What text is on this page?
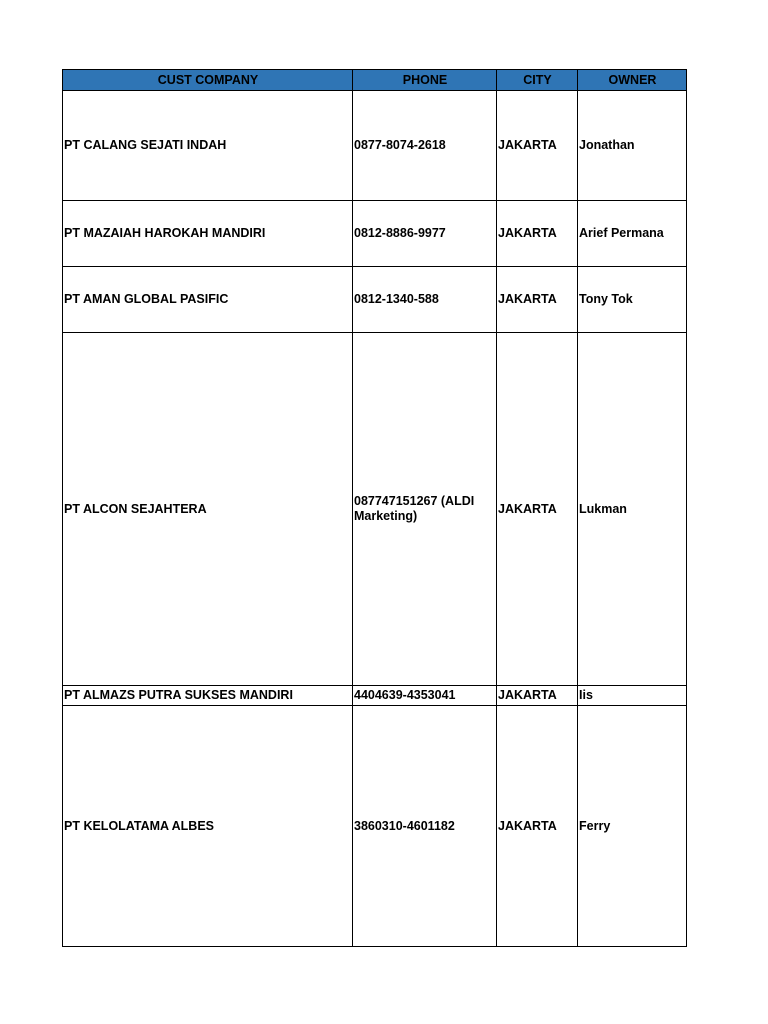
CUST COMPANY	PHONE	CITY	OWNER
PT CALANG SEJATI INDAH	0877-8074-2618	JAKARTA	Jonathan
PT MAZAIAH HAROKAH MANDIRI	0812-8886-9977	JAKARTA	Arief Permana
PT AMAN GLOBAL PASIFIC	0812-1340-588	JAKARTA	Tony Tok
PT ALCON SEJAHTERA	087747151267 (ALDI Marketing)	JAKARTA	Lukman
PT ALMAZS PUTRA SUKSES MANDIRI	4404639-4353041	JAKARTA	Iis
PT KELOLATAMA ALBES	3860310-4601182	JAKARTA	Ferry
